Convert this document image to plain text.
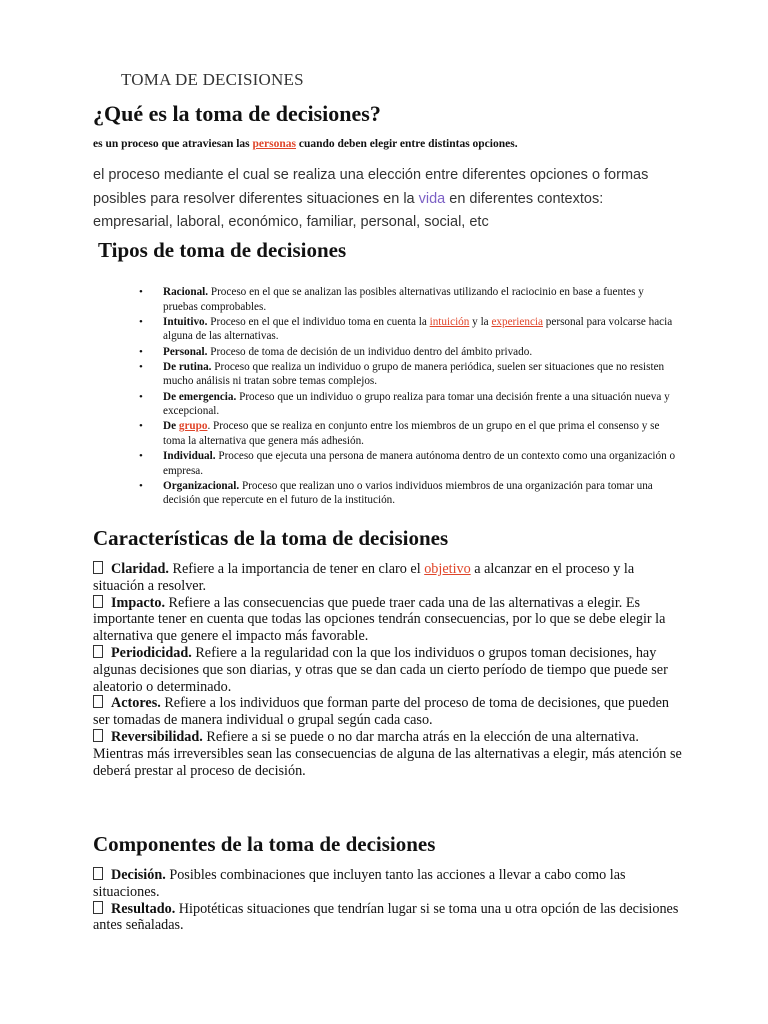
TOMA DE DECISIONES
¿Qué es la toma de decisiones?
es un proceso que atraviesan las personas cuando deben elegir entre distintas opciones.
el proceso mediante el cual se realiza una elección entre diferentes opciones o formas posibles para resolver diferentes situaciones en la vida en diferentes contextos: empresarial, laboral, económico, familiar, personal, social, etc
Tipos de toma de decisiones
• Racional. Proceso en el que se analizan las posibles alternativas utilizando el raciocinio en base a fuentes y pruebas comprobables.
• Intuitivo. Proceso en el que el individuo toma en cuenta la intuición y la experiencia personal para volcarse hacia alguna de las alternativas.
• Personal. Proceso de toma de decisión de un individuo dentro del ámbito privado.
• De rutina. Proceso que realiza un individuo o grupo de manera periódica, suelen ser situaciones que no resisten mucho análisis ni tratan sobre temas complejos.
• De emergencia. Proceso que un individuo o grupo realiza para tomar una decisión frente a una situación nueva y excepcional.
• De grupo. Proceso que se realiza en conjunto entre los miembros de un grupo en el que prima el consenso y se toma la alternativa que genera más adhesión.
• Individual. Proceso que ejecuta una persona de manera autónoma dentro de un contexto como una organización o empresa.
• Organizacional. Proceso que realizan uno o varios individuos miembros de una organización para tomar una decisión que repercute en el futuro de la institución.
Características de la toma de decisiones

Claridad. Refiere a la importancia de tener en claro el objetivo a alcanzar en el proceso y la situación a resolver.

Impacto. Refiere a las consecuencias que puede traer cada una de las alternativas a elegir. Es importante tener en cuenta que todas las opciones tendrán consecuencias, por lo que se debe elegir la alternativa que genere el impacto más favorable.

Periodicidad. Refiere a la regularidad con la que los individuos o grupos toman decisiones, hay algunas decisiones que son diarias, y otras que se dan cada un cierto período de tiempo que puede ser aleatorio o determinado.

Actores. Refiere a los individuos que forman parte del proceso de toma de decisiones, que pueden ser tomadas de manera individual o grupal según cada caso.

Reversibilidad. Refiere a si se puede o no dar marcha atrás en la elección de una alternativa. Mientras más irreversibles sean las consecuencias de alguna de las alternativas a elegir, más atención se deberá prestar al proceso de decisión.

Componentes de la toma de decisiones

Decisión. Posibles combinaciones que incluyen tanto las acciones a llevar a cabo como las situaciones.

Resultado. Hipotéticas situaciones que tendrían lugar si se toma una u otra opción de las decisiones antes señaladas.
